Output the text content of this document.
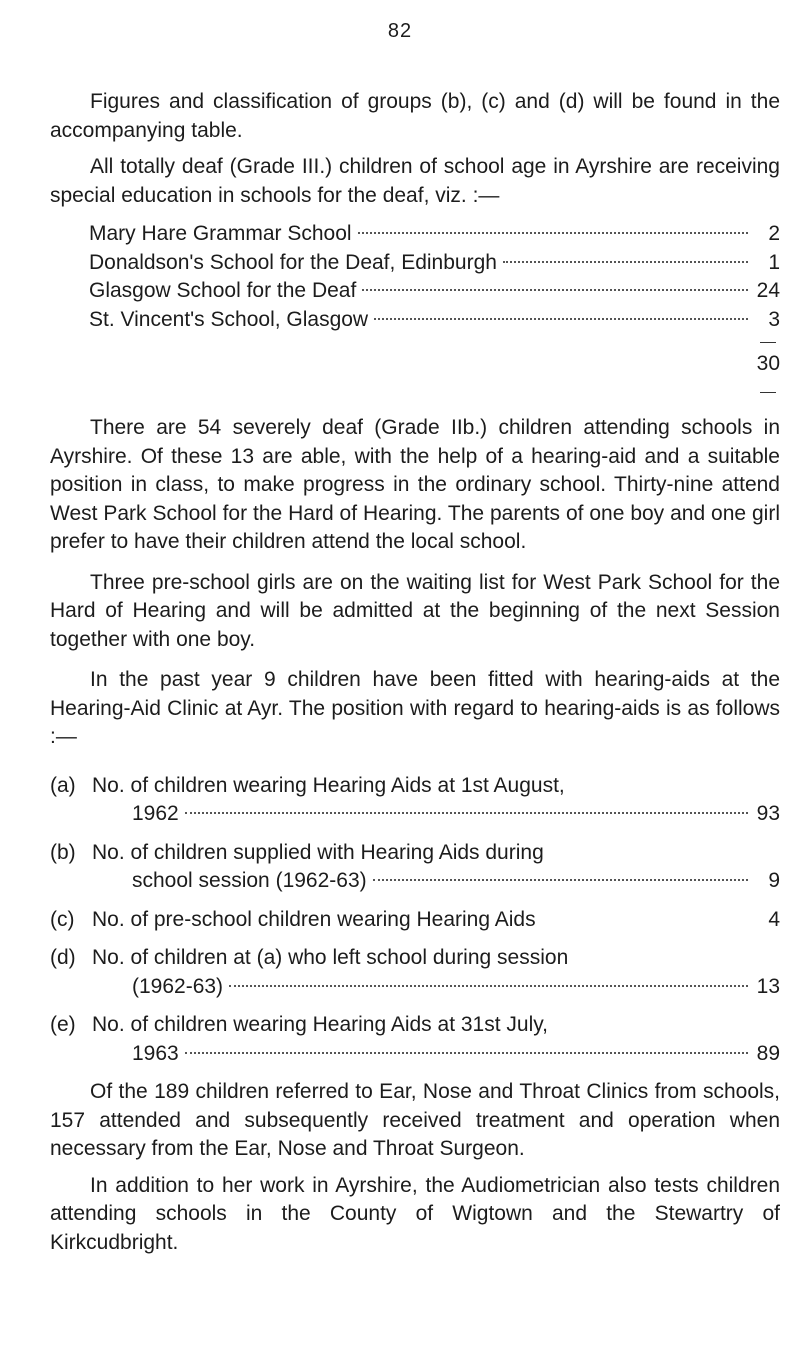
82

Figures and classification of groups (b), (c) and (d) will be found in the accompanying table.

All totally deaf (Grade III.) children of school age in Ayrshire are receiving special education in schools for the deaf, viz. :—

Mary Hare Grammar School	2
Donaldson's School for the Deaf, Edinburgh	1
Glasgow School for the Deaf	24
St. Vincent's School, Glasgow	3
30

There are 54 severely deaf (Grade IIb.) children attending schools in Ayrshire. Of these 13 are able, with the help of a hearing-aid and a suitable position in class, to make progress in the ordinary school. Thirty-nine attend West Park School for the Hard of Hearing. The parents of one boy and one girl prefer to have their children attend the local school.

Three pre-school girls are on the waiting list for West Park School for the Hard of Hearing and will be admitted at the beginning of the next Session together with one boy.

In the past year 9 children have been fitted with hearing-aids at the Hearing-Aid Clinic at Ayr. The position with regard to hearing-aids is as follows :—

(a) No. of children wearing Hearing Aids at 1st August,
1962	93
(b) No. of children supplied with Hearing Aids during
school session (1962-63)	9
(c) No. of pre-school children wearing Hearing Aids	4
(d) No. of children at (a) who left school during session
(1962-63)	13
(e) No. of children wearing Hearing Aids at 31st July,
1963	89

Of the 189 children referred to Ear, Nose and Throat Clinics from schools, 157 attended and subsequently received treatment and operation when necessary from the Ear, Nose and Throat Surgeon.

In addition to her work in Ayrshire, the Audiometrician also tests children attending schools in the County of Wigtown and the Stewartry of Kirkcudbright.
